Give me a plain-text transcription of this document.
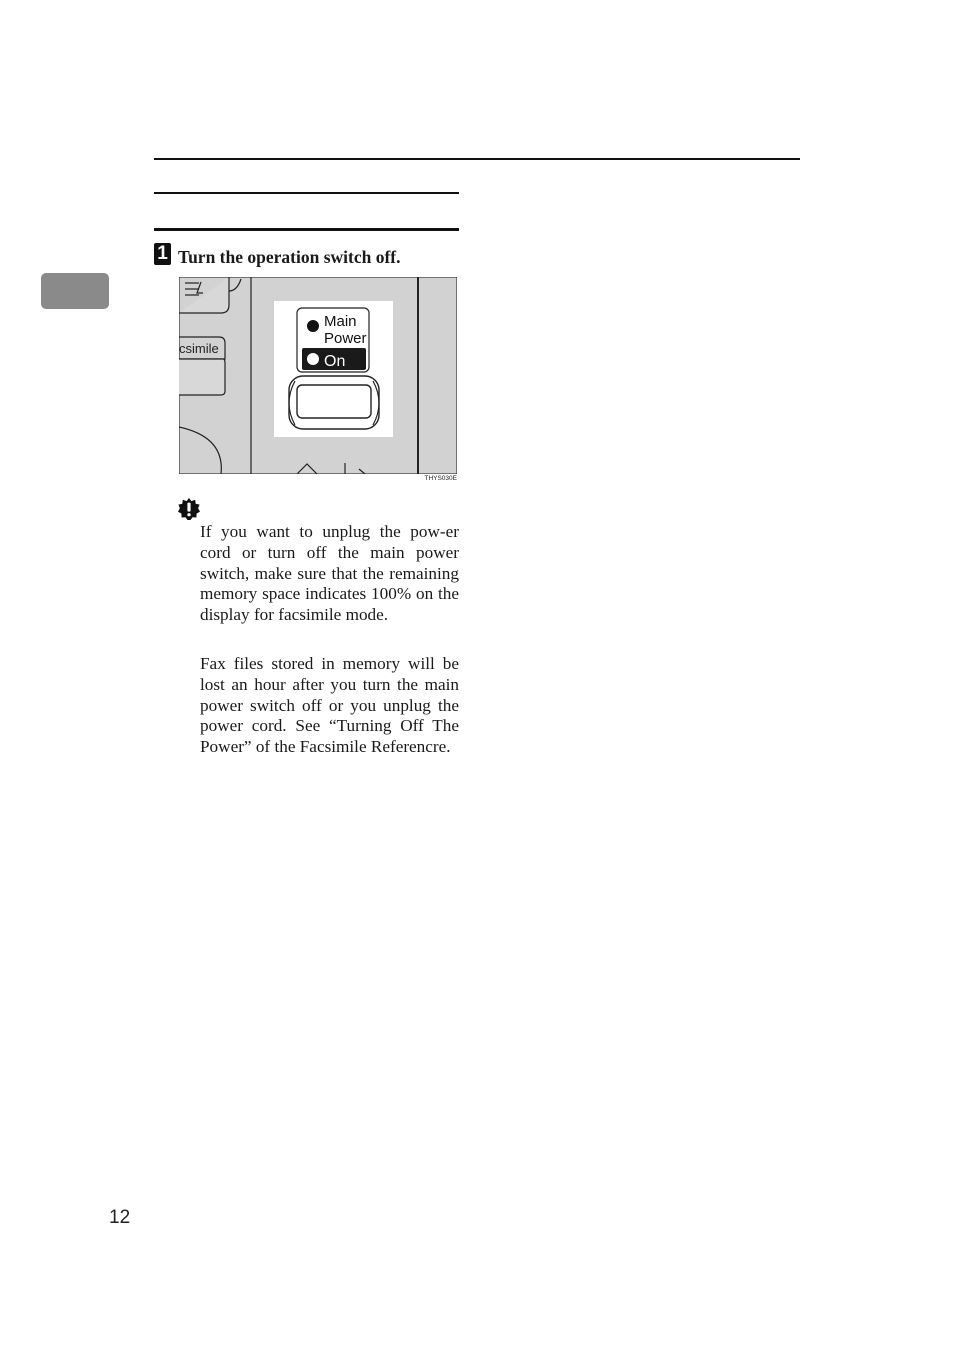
1 Turn the operation switch off.
csimile
Main
Power
On
THYS030E

If you want to unplug the pow-er cord or turn off the main power switch, make sure that the remaining memory space indicates 100% on the display for facsimile mode.

Fax files stored in memory will be lost an hour after you turn the main power switch off or you unplug the power cord. See “Turning Off The Power” of the Facsimile Referencre.

12
